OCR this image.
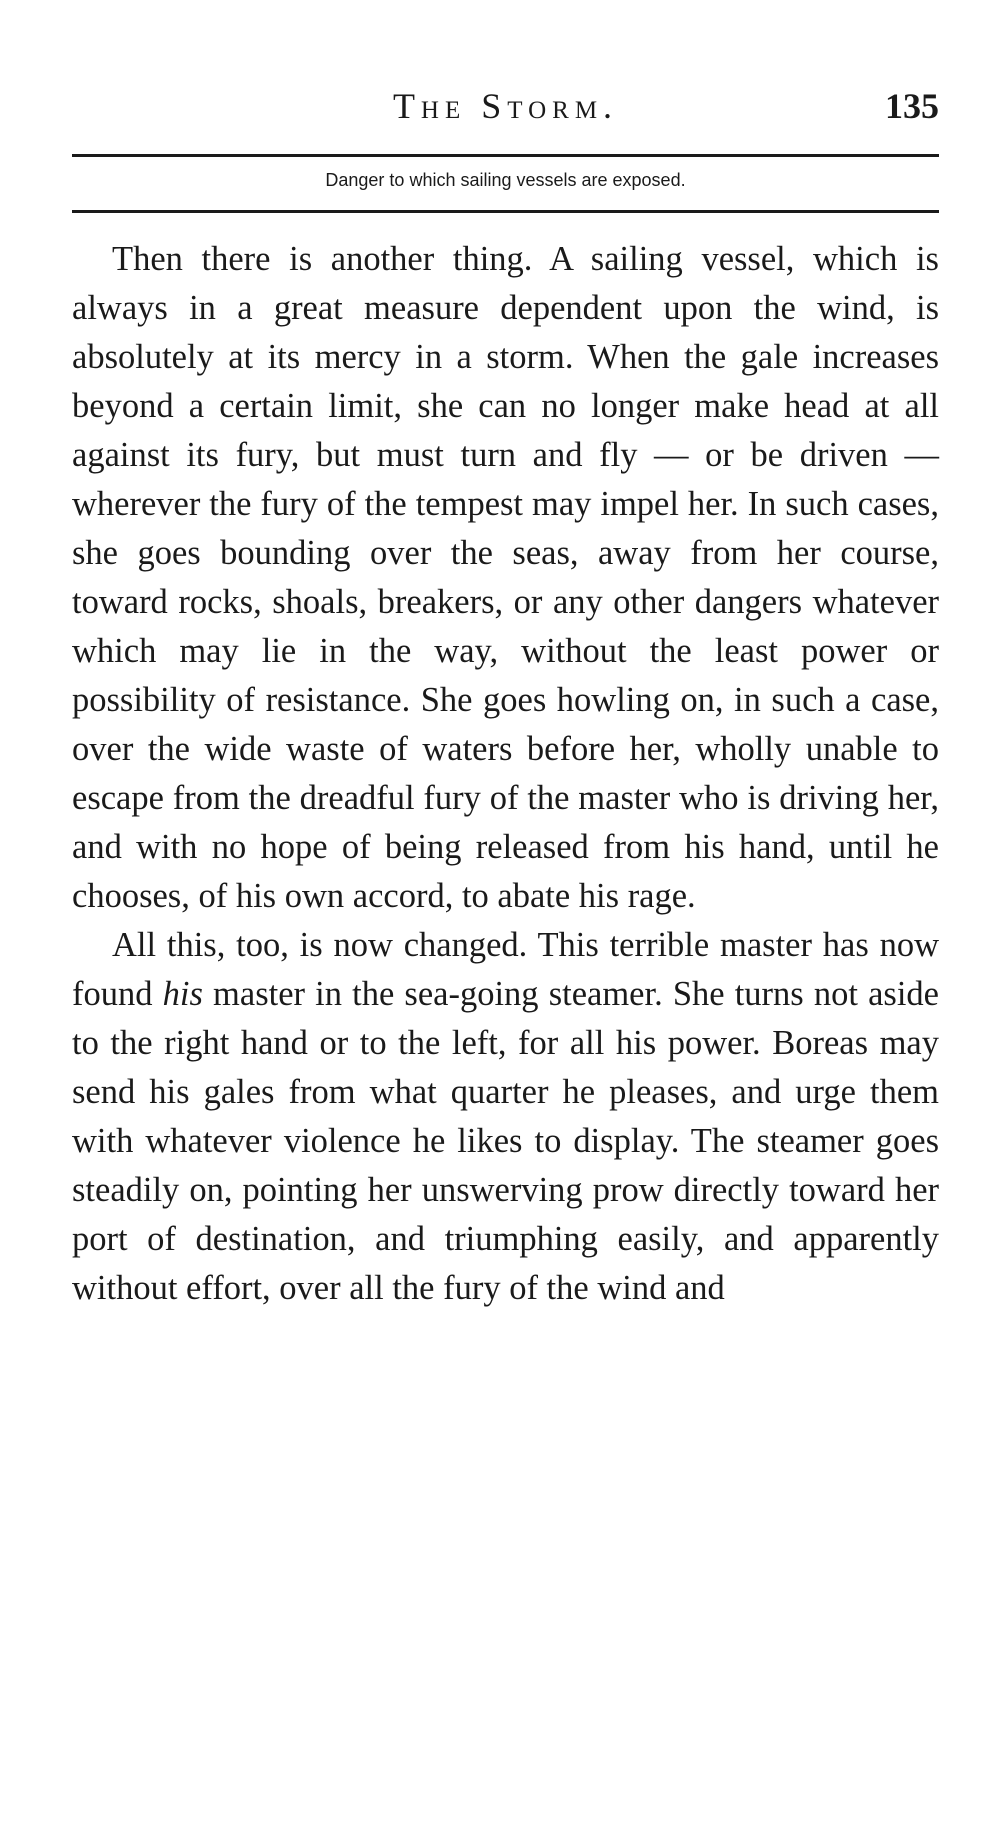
The Storm.	135
Danger to which sailing vessels are exposed.

Then there is another thing. A sailing vessel, which is always in a great measure dependent upon the wind, is absolutely at its mercy in a storm. When the gale increases beyond a certain limit, she can no longer make head at all against its fury, but must turn and fly — or be driven — wherever the fury of the tempest may impel her. In such cases, she goes bounding over the seas, away from her course, toward rocks, shoals, breakers, or any other dangers whatever which may lie in the way, without the least power or possibility of resistance. She goes howling on, in such a case, over the wide waste of waters before her, wholly unable to escape from the dreadful fury of the master who is driving her, and with no hope of being released from his hand, until he chooses, of his own accord, to abate his rage.

All this, too, is now changed. This terrible master has now found his master in the sea-going steamer. She turns not aside to the right hand or to the left, for all his power. Boreas may send his gales from what quarter he pleases, and urge them with whatever violence he likes to display. The steamer goes steadily on, pointing her unswerving prow directly toward her port of destination, and triumphing easily, and apparently without effort, over all the fury of the wind and
